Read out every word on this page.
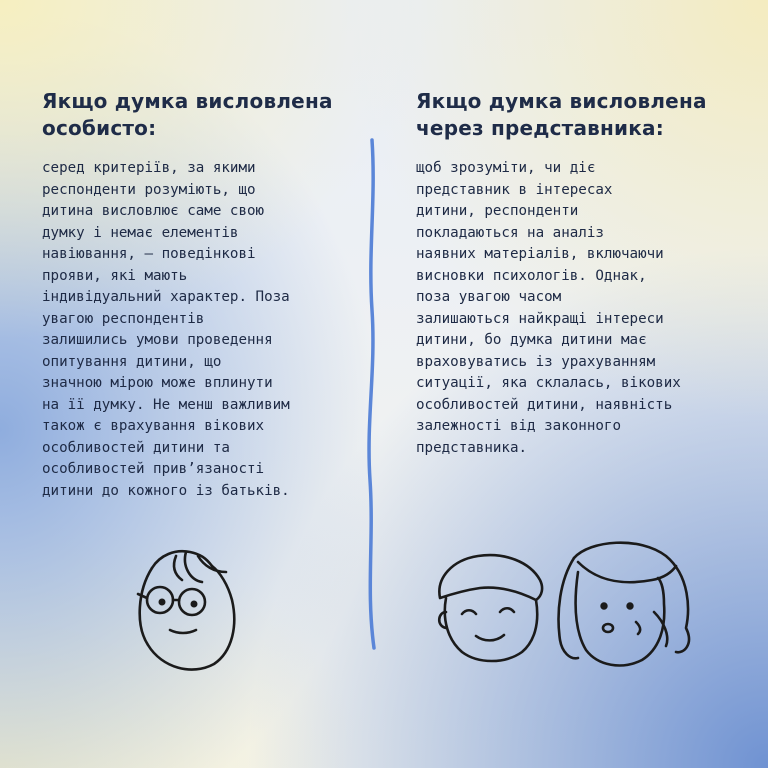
Якщо думка висловлена
особисто:

серед критеріїв, за якими
респонденти розуміють, що
дитина висловлює саме свою
думку і немає елементів
навіювання, — поведінкові
прояви, які мають
індивідуальний характер. Поза
увагою респондентів
залишились умови проведення
опитування дитини, що
значною мірою може вплинути
на її думку. Не менш важливим
також є врахування вікових
особливостей дитини та
особливостей прив’язаності
дитини до кожного із батьків.

Якщо думка висловлена
через представника:

щоб зрозуміти, чи діє
представник в інтересах
дитини, респонденти
покладаються на аналіз
наявних матеріалів, включаючи
висновки психологів. Однак,
поза увагою часом
залишаються найкращі інтереси
дитини, бо думка дитини має
враховуватись із урахуванням
ситуації, яка склалась, вікових
особливостей дитини, наявність
залежності від законного
представника.
